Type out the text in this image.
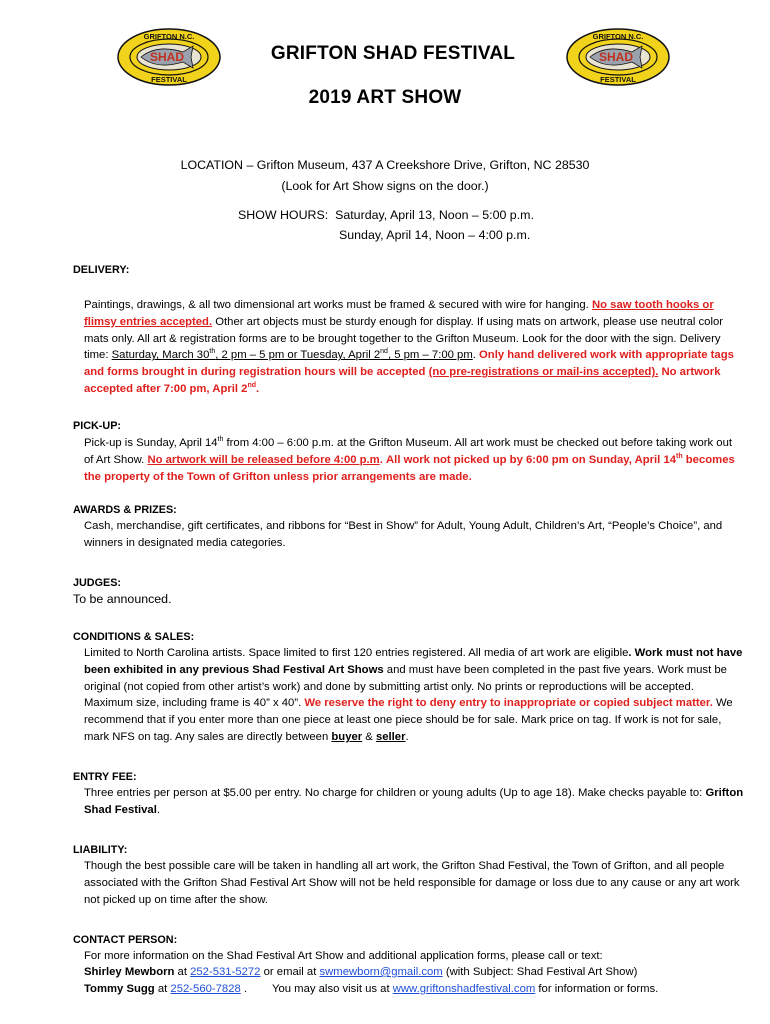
SHAD
GRIFTON N.C.
FESTIVAL
SHAD
GRIFTON N.C.
FESTIVAL
GRIFTON SHAD FESTIVAL
2019 ART SHOW
LOCATION – Grifton Museum, 437 A Creekshore Drive, Grifton, NC 28530
(Look for Art Show signs on the door.)
SHOW HOURS: Saturday, April 13, Noon – 5:00 p.m.
Sunday, April 14, Noon – 4:00 p.m.
DELIVERY:
Paintings, drawings, & all two dimensional art works must be framed & secured with wire for hanging. No saw tooth hooks or flimsy entries accepted. Other art objects must be sturdy enough for display. If using mats on artwork, please use neutral color mats only. All art & registration forms are to be brought together to the Grifton Museum. Look for the door with the sign. Delivery time: Saturday, March 30th, 2 pm – 5 pm or Tuesday, April 2nd, 5 pm – 7:00 pm. Only hand delivered work with appropriate tags and forms brought in during registration hours will be accepted (no pre-registrations or mail-ins accepted). No artwork accepted after 7:00 pm, April 2nd.
PICK-UP:
Pick-up is Sunday, April 14th from 4:00 – 6:00 p.m. at the Grifton Museum. All art work must be checked out before taking work out of Art Show. No artwork will be released before 4:00 p.m. All work not picked up by 6:00 pm on Sunday, April 14th becomes the property of the Town of Grifton unless prior arrangements are made.
AWARDS & PRIZES:
Cash, merchandise, gift certificates, and ribbons for “Best in Show” for Adult, Young Adult, Children’s Art, “People’s Choice”, and winners in designated media categories.
JUDGES:
To be announced.
CONDITIONS & SALES:
Limited to North Carolina artists. Space limited to first 120 entries registered. All media of art work are eligible. Work must not have been exhibited in any previous Shad Festival Art Shows and must have been completed in the past five years. Work must be original (not copied from other artist’s work) and done by submitting artist only. No prints or reproductions will be accepted. Maximum size, including frame is 40” x 40”. We reserve the right to deny entry to inappropriate or copied subject matter. We recommend that if you enter more than one piece at least one piece should be for sale. Mark price on tag. If work is not for sale, mark NFS on tag. Any sales are directly between buyer & seller.
ENTRY FEE:
Three entries per person at $5.00 per entry. No charge for children or young adults (Up to age 18). Make checks payable to: Grifton Shad Festival.
LIABILITY:
Though the best possible care will be taken in handling all art work, the Grifton Shad Festival, the Town of Grifton, and all people associated with the Grifton Shad Festival Art Show will not be held responsible for damage or loss due to any cause or any art work not picked up on time after the show.
CONTACT PERSON:
For more information on the Shad Festival Art Show and additional application forms, please call or text:
Shirley Mewborn at 252-531-5272 or email at swmewborn@gmail.com (with Subject: Shad Festival Art Show)
Tommy Sugg at 252-560-7828 .        You may also visit us at www.griftonshadfestival.com for information or forms.
